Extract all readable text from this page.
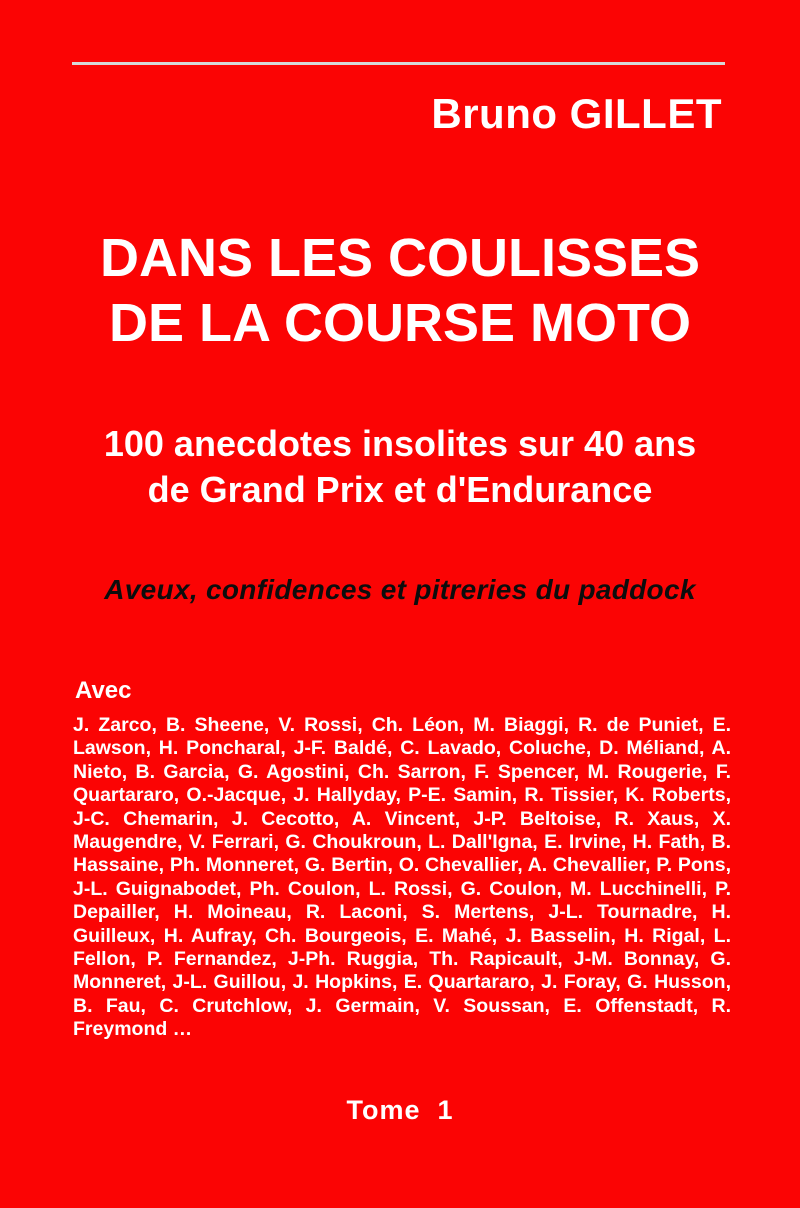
Bruno GILLET
DANS LES COULISSES
DE LA COURSE MOTO
100 anecdotes insolites sur 40 ans
de Grand Prix et d'Endurance
Aveux, confidences et pitreries du paddock
Avec
J. Zarco, B. Sheene, V. Rossi, Ch. Léon, M. Biaggi, R. de Puniet, E. Lawson, H. Poncharal, J-F. Baldé, C. Lavado, Coluche, D. Méliand, A. Nieto, B. Garcia, G. Agostini, Ch. Sarron, F. Spencer, M. Rougerie, F. Quartararo, O.-Jacque, J. Hallyday, P-E. Samin, R. Tissier, K. Roberts, J-C. Chemarin, J. Cecotto, A. Vincent, J-P. Beltoise, R. Xaus, X. Maugendre, V. Ferrari, G. Choukroun, L. Dall'Igna, E. Irvine, H. Fath, B. Hassaine, Ph. Monneret, G. Bertin, O. Chevallier, A. Chevallier, P. Pons, J-L. Guignabodet, Ph. Coulon, L. Rossi, G. Coulon, M. Lucchinelli, P. Depailler, H. Moineau, R. Laconi, S. Mertens, J-L. Tournadre, H. Guilleux, H. Aufray, Ch. Bourgeois, E. Mahé, J. Basselin, H. Rigal, L. Fellon, P. Fernandez, J-Ph. Ruggia, Th. Rapicault, J-M. Bonnay, G. Monneret, J-L. Guillou, J. Hopkins, E. Quartararo, J. Foray, G. Husson, B. Fau, C. Crutchlow, J. Germain, V. Soussan, E. Offenstadt, R. Freymond …
Tome  1
